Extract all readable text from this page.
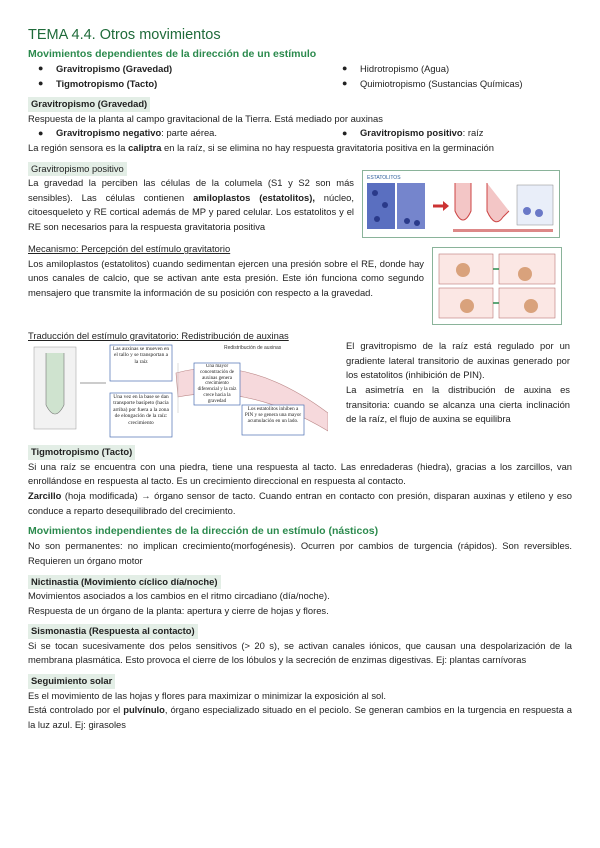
TEMA 4.4. Otros movimientos
Movimientos dependientes de la dirección de un estímulo
●	Gravitropismo (Gravedad)
●	Tigmotropismo (Tacto)
●	Hidrotropismo (Agua)
●	Quimiotropismo (Sustancias Químicas)
Gravitropismo (Gravedad)

Respuesta de la planta al campo gravitacional de la Tierra. Está mediado por auxinas

●	Gravitropismo negativo : parte aérea.	●	Gravitropismo positivo : raíz

La región sensora es la caliptra en la raíz, si se elimina no hay respuesta gravitatoria positiva en la germinación

Gravitropismo positivo

La gravedad la perciben las células de la columela (S1 y S2 son más sensibles). Las células contienen amiloplastos (estatolitos), núcleo, citoesqueleto y RE cortical además de MP y pared celular. Los estatolitos y el RE son necesarios para la respuesta gravitatoria positiva

ESTATOLITOS
Mecanismo: Percepción del estímulo gravitatorio

Los amiloplastos (estatolitos) cuando sedimentan ejercen una presión sobre el RE, donde hay unos canales de calcio, que se activan ante esta presión. Este ión funciona como segundo mensajero que transmite la información de su posición con respecto a la gravedad.

Traducción del estímulo gravitatorio: Redistribución de auxinas
Las auxinas se mueven en el tallo y se transportan a la raíz
Una vez en la base se dan transporte basípeto (hacia arriba) por fuera a la zona de elongación de la raíz: crecimiento
Una mayor concentración de auxinas genera crecimiento diferencial y la raíz crece hacia la gravedad
Los estatolitos inhiben a PIN y se genera una mayor acumulación en un lado.
Redistribución de auxinas	El gravitropismo de la raíz está regulado por un gradiente lateral transitorio de auxinas generado por los estatolitos (inhibición de PIN).

La asimetría en la distribución de auxina es transitoria: cuando se alcanza una cierta inclinación de la raíz, el flujo de auxina se equilibra

Tigmotropismo (Tacto)

Si una raíz se encuentra con una piedra, tiene una respuesta al tacto. Las enredaderas (hiedra), gracias a los zarcillos, van enrollándose en respuesta al tacto. Es un crecimiento direccional en respuesta al contacto.

Zarcillo (hoja modificada) → órgano sensor de tacto. Cuando entran en contacto con presión, disparan auxinas y etileno y eso conduce a reparto desequilibrado del crecimiento.

Movimientos independientes de la dirección de un estímulo (násticos)

No son permanentes: no implican crecimiento(morfogénesis). Ocurren por cambios de turgencia (rápidos). Son reversibles. Requieren un órgano motor

Nictinastia (Movimiento cíclico día/noche)

Movimientos asociados a los cambios en el ritmo circadiano (día/noche).

Respuesta de un órgano de la planta: apertura y cierre de hojas y flores.

Sismonastia (Respuesta al contacto)

Si se tocan sucesivamente dos pelos sensitivos (> 20 s), se activan canales iónicos, que causan una despolarización de la membrana plasmática. Esto provoca el cierre de los lóbulos y la secreción de enzimas digestivas. Ej: plantas carnívoras

Seguimiento solar

Es el movimiento de las hojas y flores para maximizar o minimizar la exposición al sol.

Está controlado por el pulvínulo, órgano especializado situado en el peciolo. Se generan cambios en la turgencia en respuesta a la luz azul. Ej: girasoles
